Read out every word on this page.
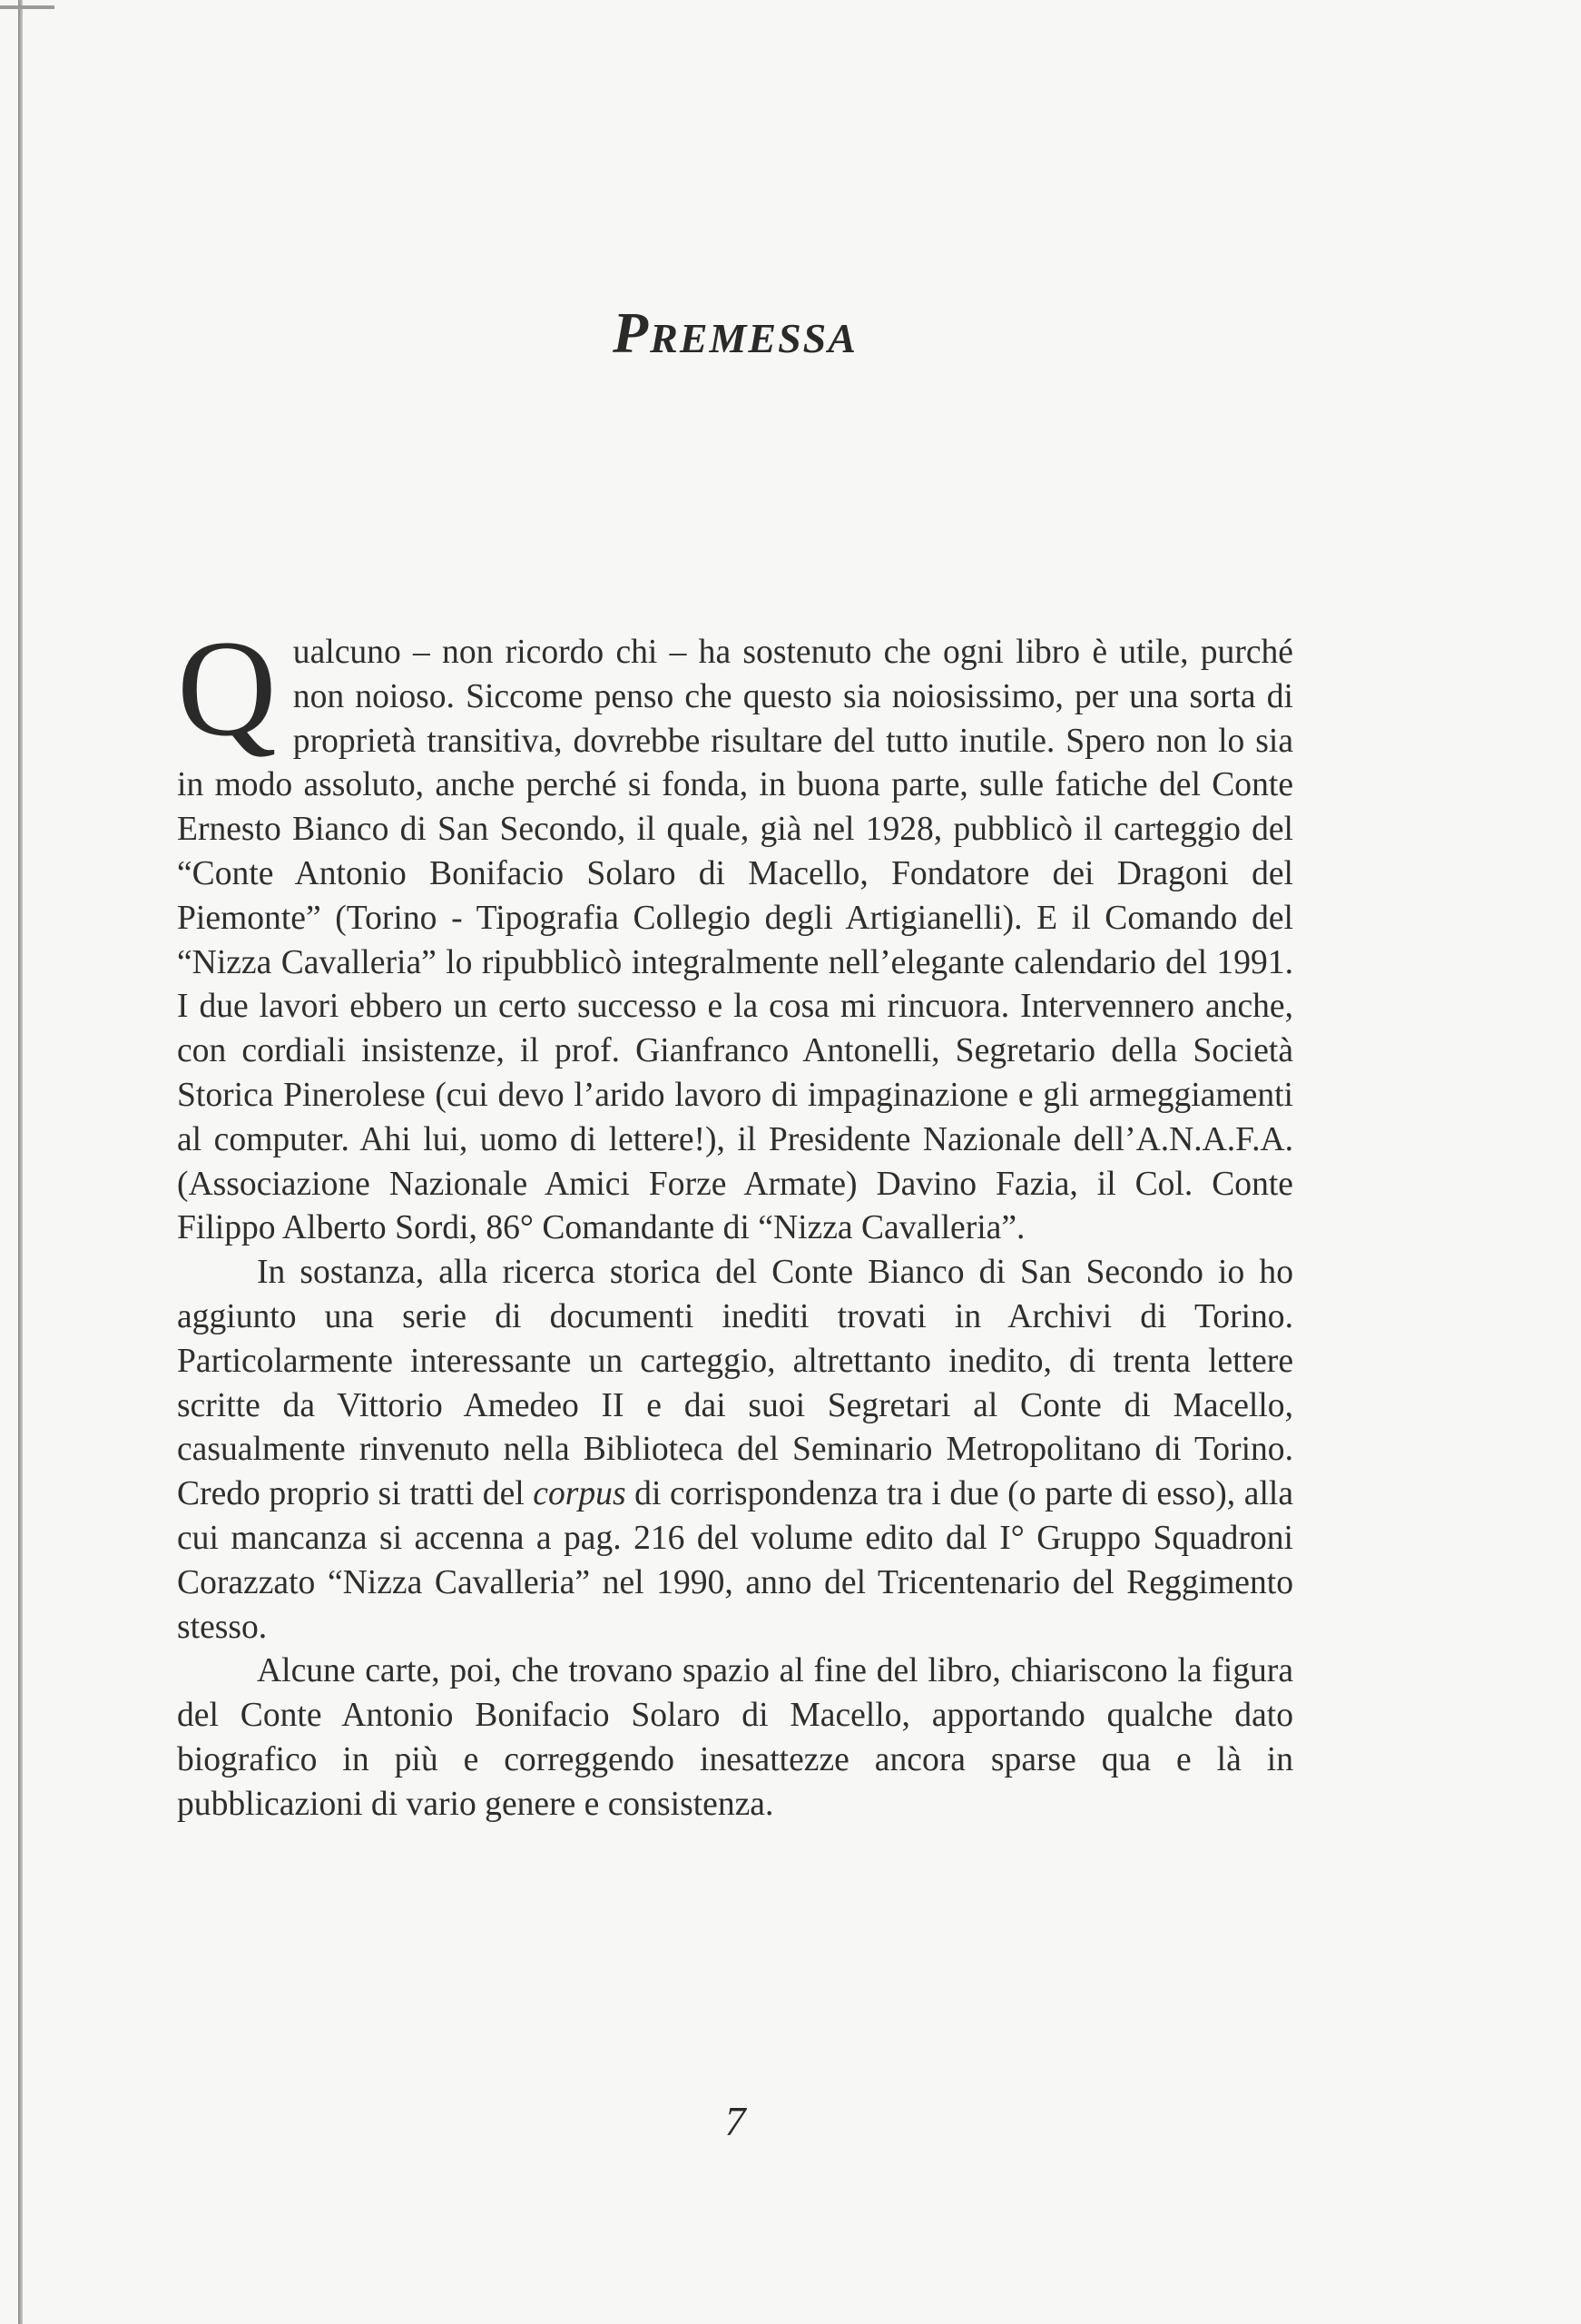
PREMESSA

Qualcuno – non ricordo chi – ha sostenuto che ogni libro è utile, purché non noioso. Siccome penso che questo sia noiosissimo, per una sorta di proprietà transitiva, dovrebbe risultare del tutto inutile. Spero non lo sia in modo assoluto, anche perché si fonda, in buona parte, sulle fatiche del Conte Ernesto Bianco di San Secondo, il quale, già nel 1928, pubblicò il carteggio del “Conte Antonio Bonifacio Solaro di Macello, Fondatore dei Dragoni del Piemonte” (Torino - Tipografia Collegio degli Artigianelli). E il Comando del “Nizza Cavalleria” lo ripubblicò integralmente nell’elegante calendario del 1991. I due lavori ebbero un certo successo e la cosa mi rincuora. Intervennero anche, con cordiali insistenze, il prof. Gianfranco Antonelli, Segretario della Società Storica Pinerolese (cui devo l’arido lavoro di impaginazione e gli armeggiamenti al computer. Ahi lui, uomo di lettere!), il Presidente Nazionale dell’A.N.A.F.A. (Associazione Nazionale Amici Forze Armate) Davino Fazia, il Col. Conte Filippo Alberto Sordi, 86° Comandante di “Nizza Cavalleria”.

In sostanza, alla ricerca storica del Conte Bianco di San Secondo io ho aggiunto una serie di documenti inediti trovati in Archivi di Torino. Particolarmente interessante un carteggio, altrettanto inedito, di trenta lettere scritte da Vittorio Amedeo II e dai suoi Segretari al Conte di Macello, casualmente rinvenuto nella Biblioteca del Seminario Metropolitano di Torino. Credo proprio si tratti del corpus di corrispondenza tra i due (o parte di esso), alla cui mancanza si accenna a pag. 216 del volume edito dal I° Gruppo Squadroni Corazzato “Nizza Cavalleria” nel 1990, anno del Tricentenario del Reggimento stesso.

Alcune carte, poi, che trovano spazio al fine del libro, chiariscono la figura del Conte Antonio Bonifacio Solaro di Macello, apportando qualche dato biografico in più e correggendo inesattezze ancora sparse qua e là in pubblicazioni di vario genere e consistenza.

7
